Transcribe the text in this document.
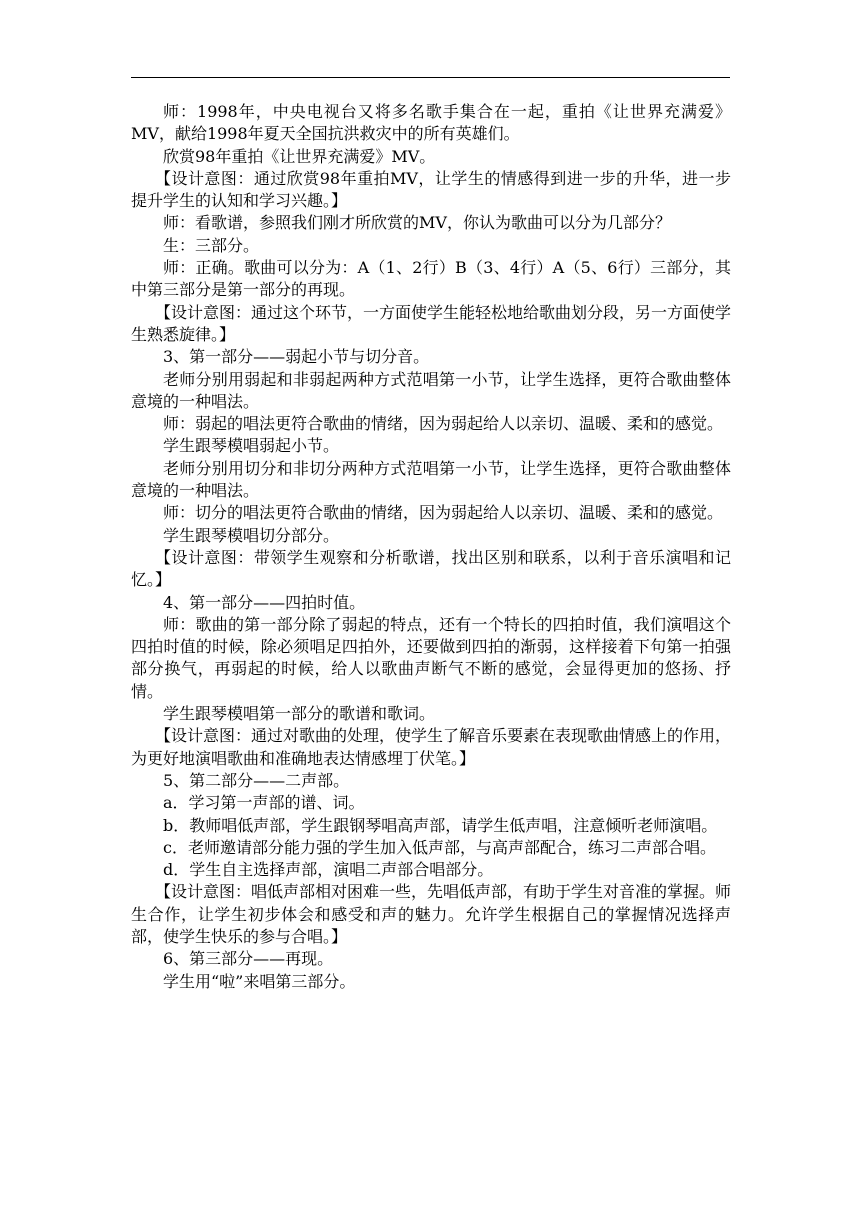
师：1998年，中央电视台又将多名歌手集合在一起，重拍《让世界充满爱》MV，献给1998年夏天全国抗洪救灾中的所有英雄们。

欣赏98年重拍《让世界充满爱》MV。

【设计意图：通过欣赏98年重拍MV，让学生的情感得到进一步的升华，进一步提升学生的认知和学习兴趣。】

师：看歌谱，参照我们刚才所欣赏的MV，你认为歌曲可以分为几部分？

生：三部分。

师：正确。歌曲可以分为：A（1、2行）B（3、4行）A（5、6行）三部分，其中第三部分是第一部分的再现。

【设计意图：通过这个环节，一方面使学生能轻松地给歌曲划分段，另一方面使学生熟悉旋律。】

3、第一部分——弱起小节与切分音。

老师分别用弱起和非弱起两种方式范唱第一小节，让学生选择，更符合歌曲整体意境的一种唱法。

师：弱起的唱法更符合歌曲的情绪，因为弱起给人以亲切、温暖、柔和的感觉。

学生跟琴模唱弱起小节。

老师分别用切分和非切分两种方式范唱第一小节，让学生选择，更符合歌曲整体意境的一种唱法。

师：切分的唱法更符合歌曲的情绪，因为弱起给人以亲切、温暖、柔和的感觉。

学生跟琴模唱切分部分。

【设计意图：带领学生观察和分析歌谱，找出区别和联系，以利于音乐演唱和记忆。】

4、第一部分——四拍时值。

师：歌曲的第一部分除了弱起的特点，还有一个特长的四拍时值，我们演唱这个四拍时值的时候，除必须唱足四拍外，还要做到四拍的渐弱，这样接着下句第一拍强部分换气，再弱起的时候，给人以歌曲声断气不断的感觉，会显得更加的悠扬、抒情。

学生跟琴模唱第一部分的歌谱和歌词。

【设计意图：通过对歌曲的处理，使学生了解音乐要素在表现歌曲情感上的作用，为更好地演唱歌曲和准确地表达情感埋丁伏笔。】

5、第二部分——二声部。

a．学习第一声部的谱、词。

b．教师唱低声部，学生跟钢琴唱高声部，请学生低声唱，注意倾听老师演唱。

c．老师邀请部分能力强的学生加入低声部，与高声部配合，练习二声部合唱。

d．学生自主选择声部，演唱二声部合唱部分。

【设计意图：唱低声部相对困难一些，先唱低声部，有助于学生对音准的掌握。师生合作，让学生初步体会和感受和声的魅力。允许学生根据自己的掌握情况选择声部，使学生快乐的参与合唱。】

6、第三部分——再现。

学生用“啦”来唱第三部分。
